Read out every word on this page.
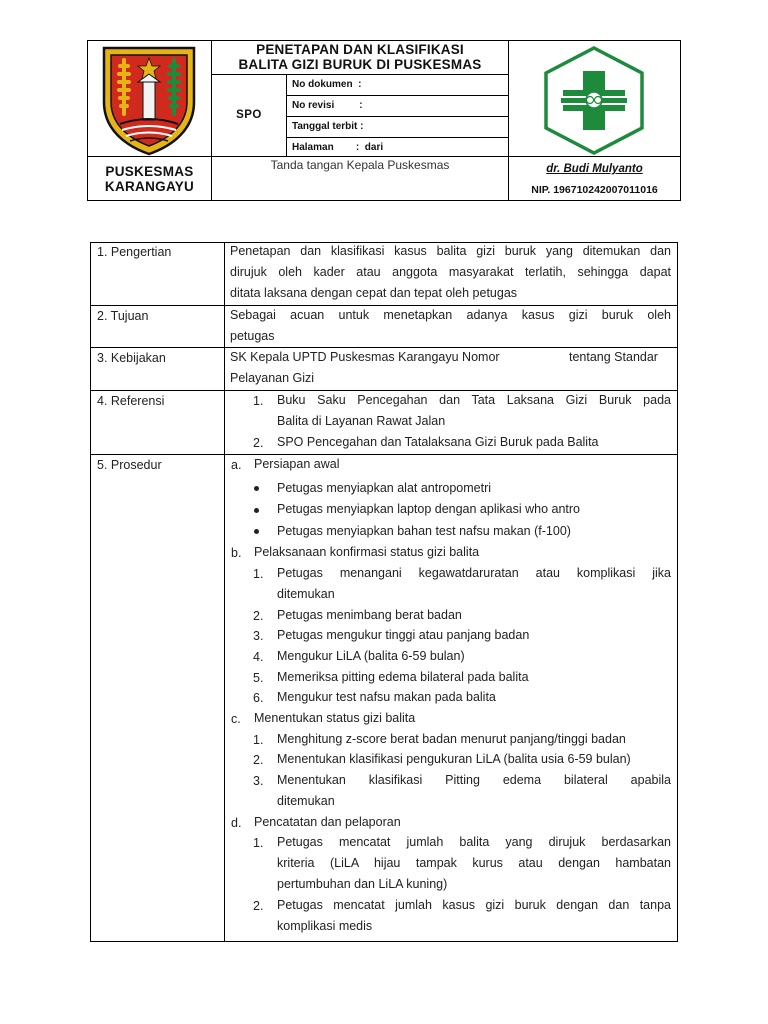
PENETAPAN DAN KLASIFIKASI
BALITA GIZI BURUK DI PUSKESMAS
SPO
No dokumen  :
No revisi         :
Tanggal terbit :
Halaman        :  dari
PUSKESMAS
KARANGAYU
Tanda tangan Kepala Puskesmas	dr. Budi Mulyanto
NIP. 196710242007011016
1. Pengertian	Penetapan dan klasifikasi kasus balita gizi buruk yang ditemukan dan
dirujuk oleh kader atau anggota masyarakat terlatih, sehingga dapat
ditata laksana dengan cepat dan tepat oleh petugas
2. Tujuan	Sebagai acuan untuk menetapkan adanya kasus gizi buruk oleh
petugas
3. Kebijakan	SK Kepala UPTD Puskesmas Karangayu Nomor	tentang Standar
Pelayanan Gizi
4. Referensi	1. Buku Saku Pencegahan dan Tata Laksana Gizi Buruk pada
Balita di Layanan Rawat Jalan
2. SPO Pencegahan dan Tatalaksana Gizi Buruk pada Balita
5. Prosedur	a. Persiapan awal
Petugas menyiapkan alat antropometri
Petugas menyiapkan laptop dengan aplikasi who antro
Petugas menyiapkan bahan test nafsu makan (f-100)
b. Pelaksanaan konfirmasi status gizi balita
1. Petugas menangani kegawatdaruratan atau komplikasi jika
ditemukan
2. Petugas menimbang berat badan
3. Petugas mengukur tinggi atau panjang badan
4. Mengukur LiLA (balita 6-59 bulan)
5. Memeriksa pitting edema bilateral pada balita
6. Mengukur test nafsu makan pada balita
c. Menentukan status gizi balita
1. Menghitung z-score berat badan menurut panjang/tinggi badan
2. Menentukan klasifikasi pengukuran LiLA (balita usia 6-59 bulan)
3. Menentukan klasifikasi Pitting edema bilateral apabila
ditemukan
d. Pencatatan dan pelaporan
1. Petugas mencatat jumlah balita yang dirujuk berdasarkan
kriteria (LiLA hijau tampak kurus atau dengan hambatan
pertumbuhan dan LiLA kuning)
2. Petugas mencatat jumlah kasus gizi buruk dengan dan tanpa
komplikasi medis
